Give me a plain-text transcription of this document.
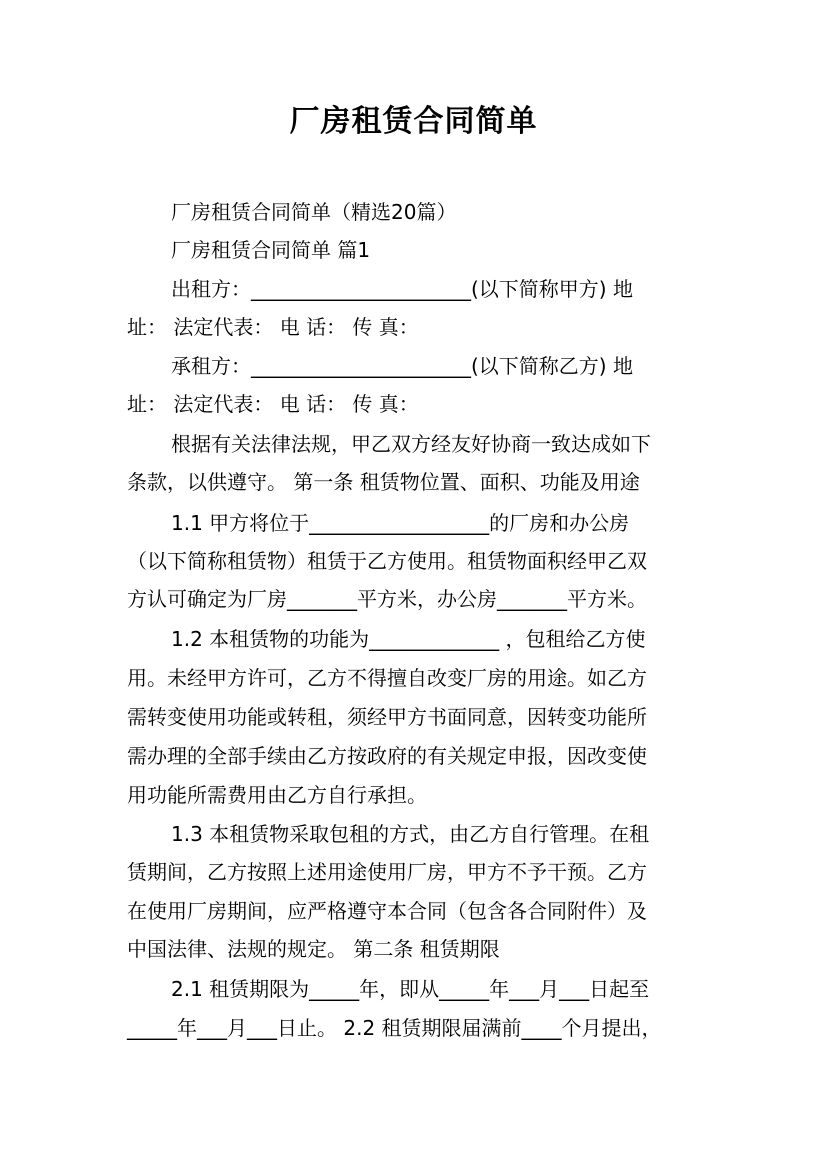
厂房租赁合同简单
厂房租赁合同简单（精选20篇）
厂房租赁合同简单 篇1
出租方：______________________(以下简称甲方) 地
址： 法定代表： 电 话： 传 真：
承租方：______________________(以下简称乙方) 地
址： 法定代表： 电 话： 传 真：
根据有关法律法规，甲乙双方经友好协商一致达成如下
条款，以供遵守。 第一条 租赁物位置、面积、功能及用途
1.1 甲方将位于__________________的厂房和办公房
（以下简称租赁物）租赁于乙方使用。租赁物面积经甲乙双
方认可确定为厂房_______平方米，办公房_______平方米。
1.2 本租赁物的功能为_____________ ，包租给乙方使
用。未经甲方许可，乙方不得擅自改变厂房的用途。如乙方
需转变使用功能或转租，须经甲方书面同意，因转变功能所
需办理的全部手续由乙方按政府的有关规定申报，因改变使
用功能所需费用由乙方自行承担。
1.3 本租赁物采取包租的方式，由乙方自行管理。在租
赁期间，乙方按照上述用途使用厂房，甲方不予干预。乙方
在使用厂房期间，应严格遵守本合同（包含各合同附件）及
中国法律、法规的规定。 第二条 租赁期限
2.1 租赁期限为_____年，即从_____年___月___日起至
_____年___月___日止。 2.2 租赁期限届满前____个月提出，
